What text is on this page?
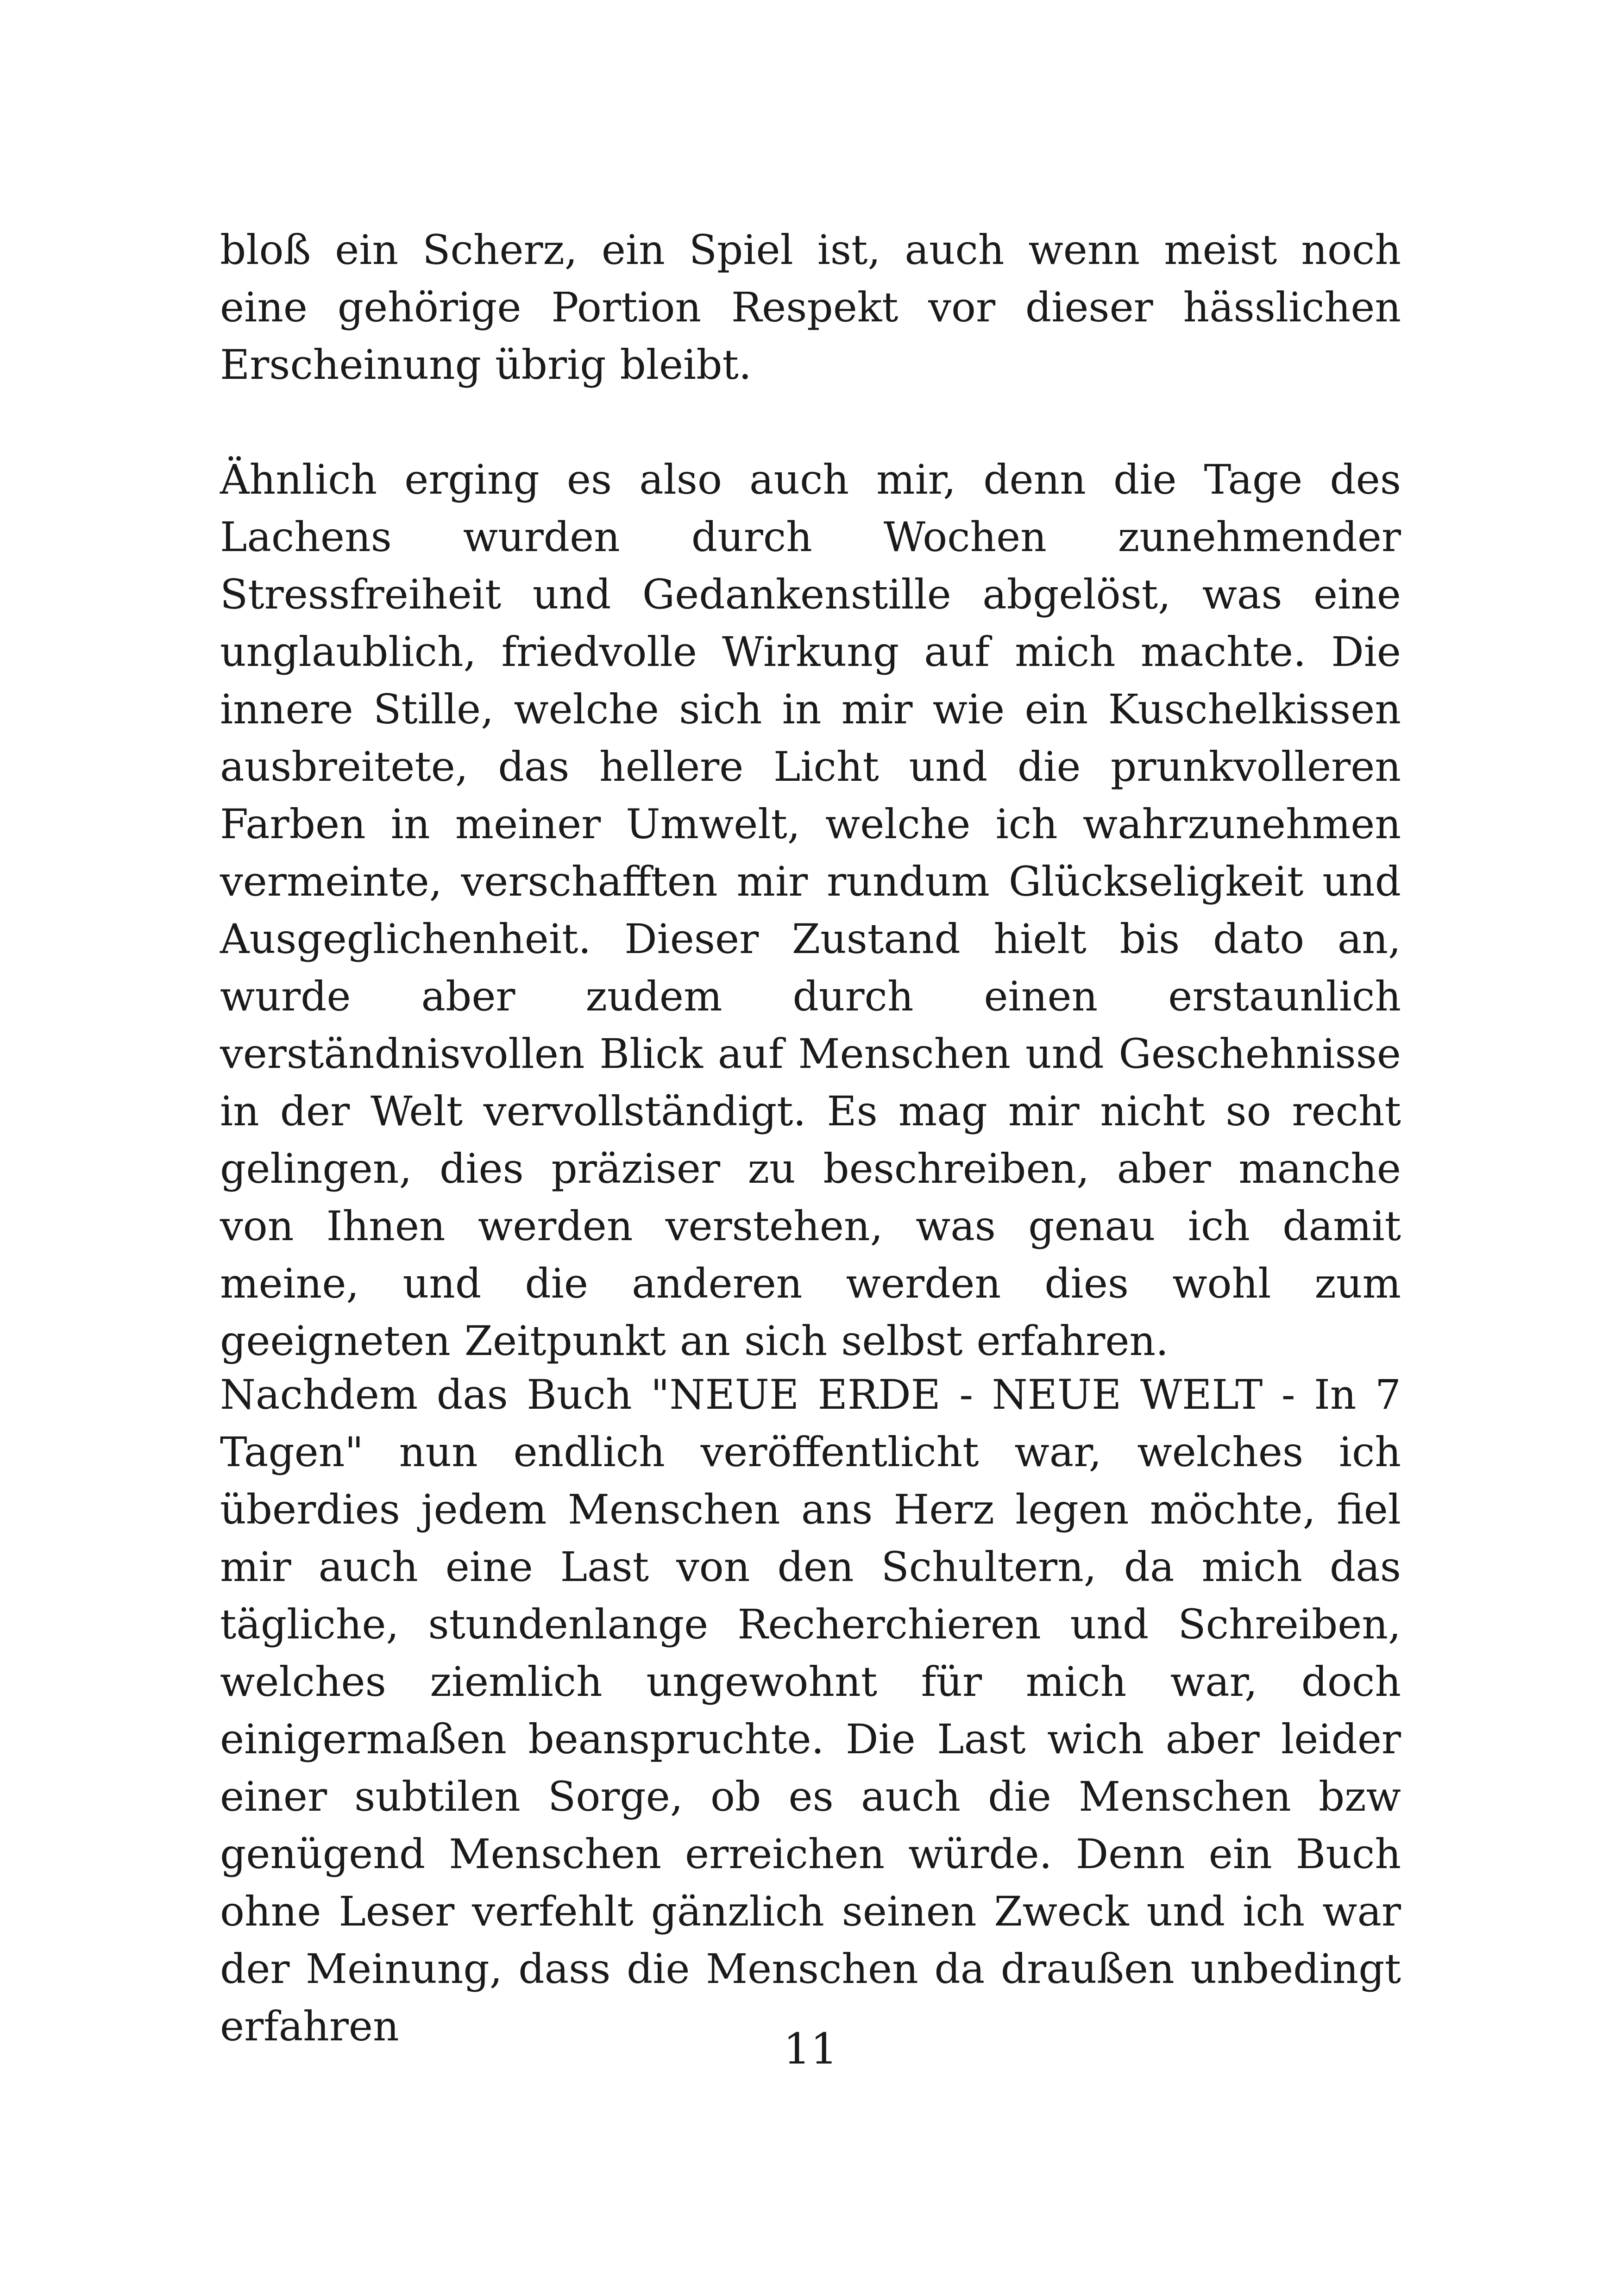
bloß ein Scherz, ein Spiel ist, auch wenn meist noch eine gehörige Portion Respekt vor dieser hässlichen Erscheinung übrig bleibt.

Ähnlich erging es also auch mir, denn die Tage des Lachens wurden durch Wochen zunehmender Stressfreiheit und Gedankenstille abgelöst, was eine unglaublich, friedvolle Wirkung auf mich machte. Die innere Stille, welche sich in mir wie ein Kuschelkissen ausbreitete, das hellere Licht und die prunkvolleren Farben in meiner Umwelt, welche ich wahrzunehmen vermeinte, verschafften mir rundum Glückseligkeit und Ausgeglichenheit. Dieser Zustand hielt bis dato an, wurde aber zudem durch einen erstaunlich verständnisvollen Blick auf Menschen und Geschehnisse in der Welt vervollständigt. Es mag mir nicht so recht gelingen, dies präziser zu beschreiben, aber manche von Ihnen werden verstehen, was genau ich damit meine, und die anderen werden dies wohl zum geeigneten Zeitpunkt an sich selbst erfahren.

Nachdem das Buch "NEUE ERDE - NEUE WELT - In 7 Tagen" nun endlich veröffentlicht war, welches ich überdies jedem Menschen ans Herz legen möchte, fiel mir auch eine Last von den Schultern, da mich das tägliche, stundenlange Recherchieren und Schreiben, welches ziemlich ungewohnt für mich war, doch einigermaßen beanspruchte. Die Last wich aber leider einer subtilen Sorge, ob es auch die Menschen bzw genügend Menschen erreichen würde. Denn ein Buch ohne Leser verfehlt gänzlich seinen Zweck und ich war der Meinung, dass die Menschen da draußen unbedingt erfahren	11
